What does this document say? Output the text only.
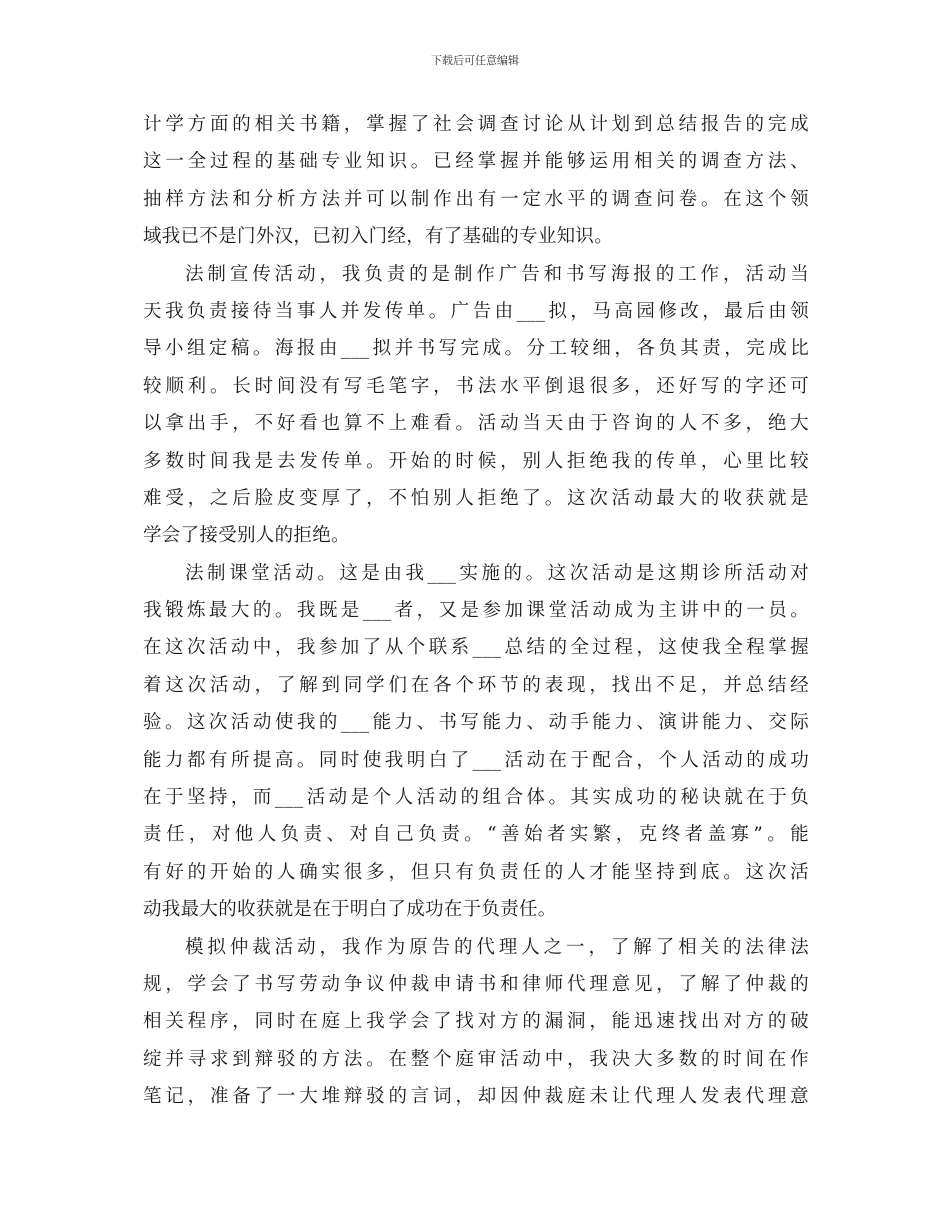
下载后可任意编辑
计学方面的相关书籍，掌握了社会调查讨论从计划到总结报告的完成
这一全过程的基础专业知识。已经掌握并能够运用相关的调查方法、
抽样方法和分析方法并可以制作出有一定水平的调查问卷。在这个领
域我已不是门外汉，已初入门经，有了基础的专业知识。
法制宣传活动，我负责的是制作广告和书写海报的工作，活动当
天我负责接待当事人并发传单。广告由___拟，马高园修改，最后由领
导小组定稿。海报由___拟并书写完成。分工较细，各负其责，完成比
较顺利。长时间没有写毛笔字，书法水平倒退很多，还好写的字还可
以拿出手，不好看也算不上难看。活动当天由于咨询的人不多，绝大
多数时间我是去发传单。开始的时候，别人拒绝我的传单，心里比较
难受，之后脸皮变厚了，不怕别人拒绝了。这次活动最大的收获就是
学会了接受别人的拒绝。
法制课堂活动。这是由我___实施的。这次活动是这期诊所活动对
我锻炼最大的。我既是___者，又是参加课堂活动成为主讲中的一员。
在这次活动中，我参加了从个联系___总结的全过程，这使我全程掌握
着这次活动，了解到同学们在各个环节的表现，找出不足，并总结经
验。这次活动使我的___能力、书写能力、动手能力、演讲能力、交际
能力都有所提高。同时使我明白了___活动在于配合，个人活动的成功
在于坚持，而___活动是个人活动的组合体。其实成功的秘诀就在于负
责任，对他人负责、对自己负责。“善始者实繁，克终者盖寡”。能
有好的开始的人确实很多，但只有负责任的人才能坚持到底。这次活
动我最大的收获就是在于明白了成功在于负责任。
模拟仲裁活动，我作为原告的代理人之一，了解了相关的法律法
规，学会了书写劳动争议仲裁申请书和律师代理意见，了解了仲裁的
相关程序，同时在庭上我学会了找对方的漏洞，能迅速找出对方的破
绽并寻求到辩驳的方法。在整个庭审活动中，我决大多数的时间在作
笔记，准备了一大堆辩驳的言词，却因仲裁庭未让代理人发表代理意
